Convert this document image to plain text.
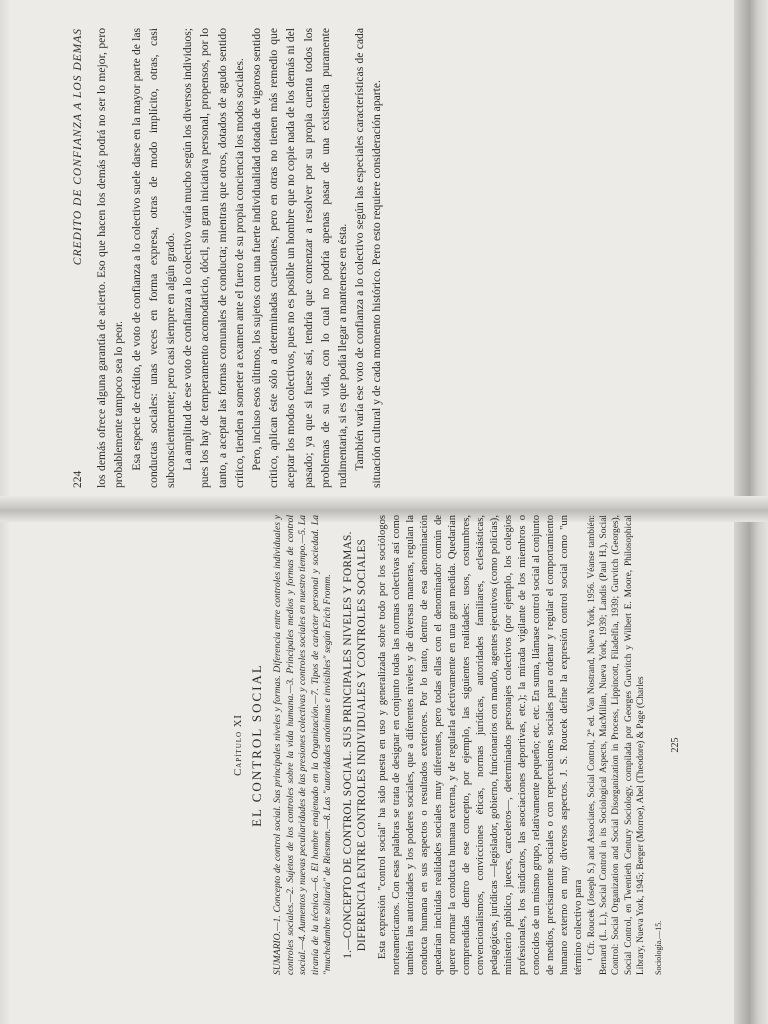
224
CREDITO DE CONFIANZA A LOS DEMAS los demás ofrece alguna garantía de acierto. Eso que hacen los demás podrá no ser lo mejor, pero probablemente tampoco sea lo peor. Esa especie de crédito, de voto de confianza a lo colectivo suele darse en la mayor parte de las conductas sociales: unas veces en forma expresa, otras de modo implícito, otras, casi subconscientemente; pero casi siempre en algún grado. La amplitud de ese voto de confianza a lo colectivo varía mucho según los diversos individuos; pues los hay de temperamento acomodaticio, dócil, sin gran iniciativa personal, propensos, por lo tanto, a aceptar las formas comunales de conducta; mientras que otros, dotados de agudo sentido crítico, tienden a someter a examen ante el fuero de su propia conciencia los modos sociales. Pero, incluso esos últimos, los sujetos con una fuerte individualidad dotada de vigoroso sentido crítico, aplican éste sólo a determinadas cuestiones, pero en otras no tienen más remedio que aceptar los modos colectivos, pues no es posible un hombre que no copie nada de los demás ni del pasado; ya que si fuese así, tendría que comenzar a resolver por su propia cuenta todos los problemas de su vida, con lo cual no podría apenas pasar de una existencia puramente rudimentaria, si es que podía llegar a mantenerse en ésta. También varía ese voto de confianza a lo colectivo según las especiales características de cada situación cultural y de cada momento histórico. Pero esto requiere consideración aparte.

Capítulo XI EL CONTROL SOCIAL SUMARIO.—1. Concepto de control social. Sus principales niveles y formas. Diferencia entre controles individuales y controles sociales.—2. Sujetos de los controles sobre la vida humana.—3. Principales medios y formas de control social.—4. Aumentos y nuevas peculiaridades de las presiones colectivas y controles sociales en nuestro tiempo.—5. La tiranía de la técnica.—6. El hombre enajenado en la Organización.—7. Tipos de carácter personal y sociedad. La "muchedumbre solitaria" de Riesman.—8. Las "autoridades anónimas e invisibles" según Erich Fromm. 1.—CONCEPTO DE CONTROL SOCIAL. SUS PRINCIPALES NIVELES Y FORMAS. DIFERENCIA ENTRE CONTROLES INDIVIDUALES Y CONTROLES SOCIALES Esta expresión "control social" ha sido puesta en uso y generalizada sobre todo por los sociólogos norteamericanos. Con esas palabras se trata de designar en conjunto todas las normas colectivas así como también las autoridades y los poderes sociales, que a diferentes niveles y de diversas maneras, regulan la conducta humana en sus aspectos o resultados exteriores. Por lo tanto, dentro de esa denominación quedarían incluidas realidades sociales muy diferentes, pero todas ellas con el denominador común de querer normar la conducta humana externa, y de regularla efectivamente en una gran medida. Quedarían comprendidas dentro de ese concepto, por ejemplo, las siguientes realidades: usos, costumbres, convencionalismos, convicciones éticas, normas jurídicas, autoridades familiares, eclesiásticas, pedagógicas, jurídicas —legislador, gobierno, funcionarios con mando, agentes ejecutivos (como policías), ministerio público, jueces, carceleros—, determinados personajes colectivos (por ejemplo, los colegios profesionales, los sindicatos, las asociaciones deportivas, etc.); la mirada vigilante de los miembros o conocidos de un mismo grupo, relativamente pequeño; etc. etc. En suma, llámase control social al conjunto de medios, precisamente sociales o con repercusiones sociales para ordenar y regular el comportamiento humano externo en muy diversos aspectos. J. S. Roucek define la expresión control social como "un término colectivo para ¹ Cfr. Roucek (Joseph S.) and Associates, Social Control, 2ª ed. Van Nostrand, Nueva York, 1956. Véanse también: Bernard (L. L.), Social Control in its Sociological Aspects, MacMillan, Nueva York, 1939; Landis (Paul H.), Social Control: Social Organization and Social Disorganization in Process, Lippincott, Filadelfia, 1939; Gurvitch (Georges), Social Control, en Twentieth Century Sociology, compilada por Georges Gurvitch y Wilbert E. Moore, Philosophical Library, Nueva York, 1945; Berger (Morroe), Abel (Theodore) & Page (Charles Sociología.—15.
225
